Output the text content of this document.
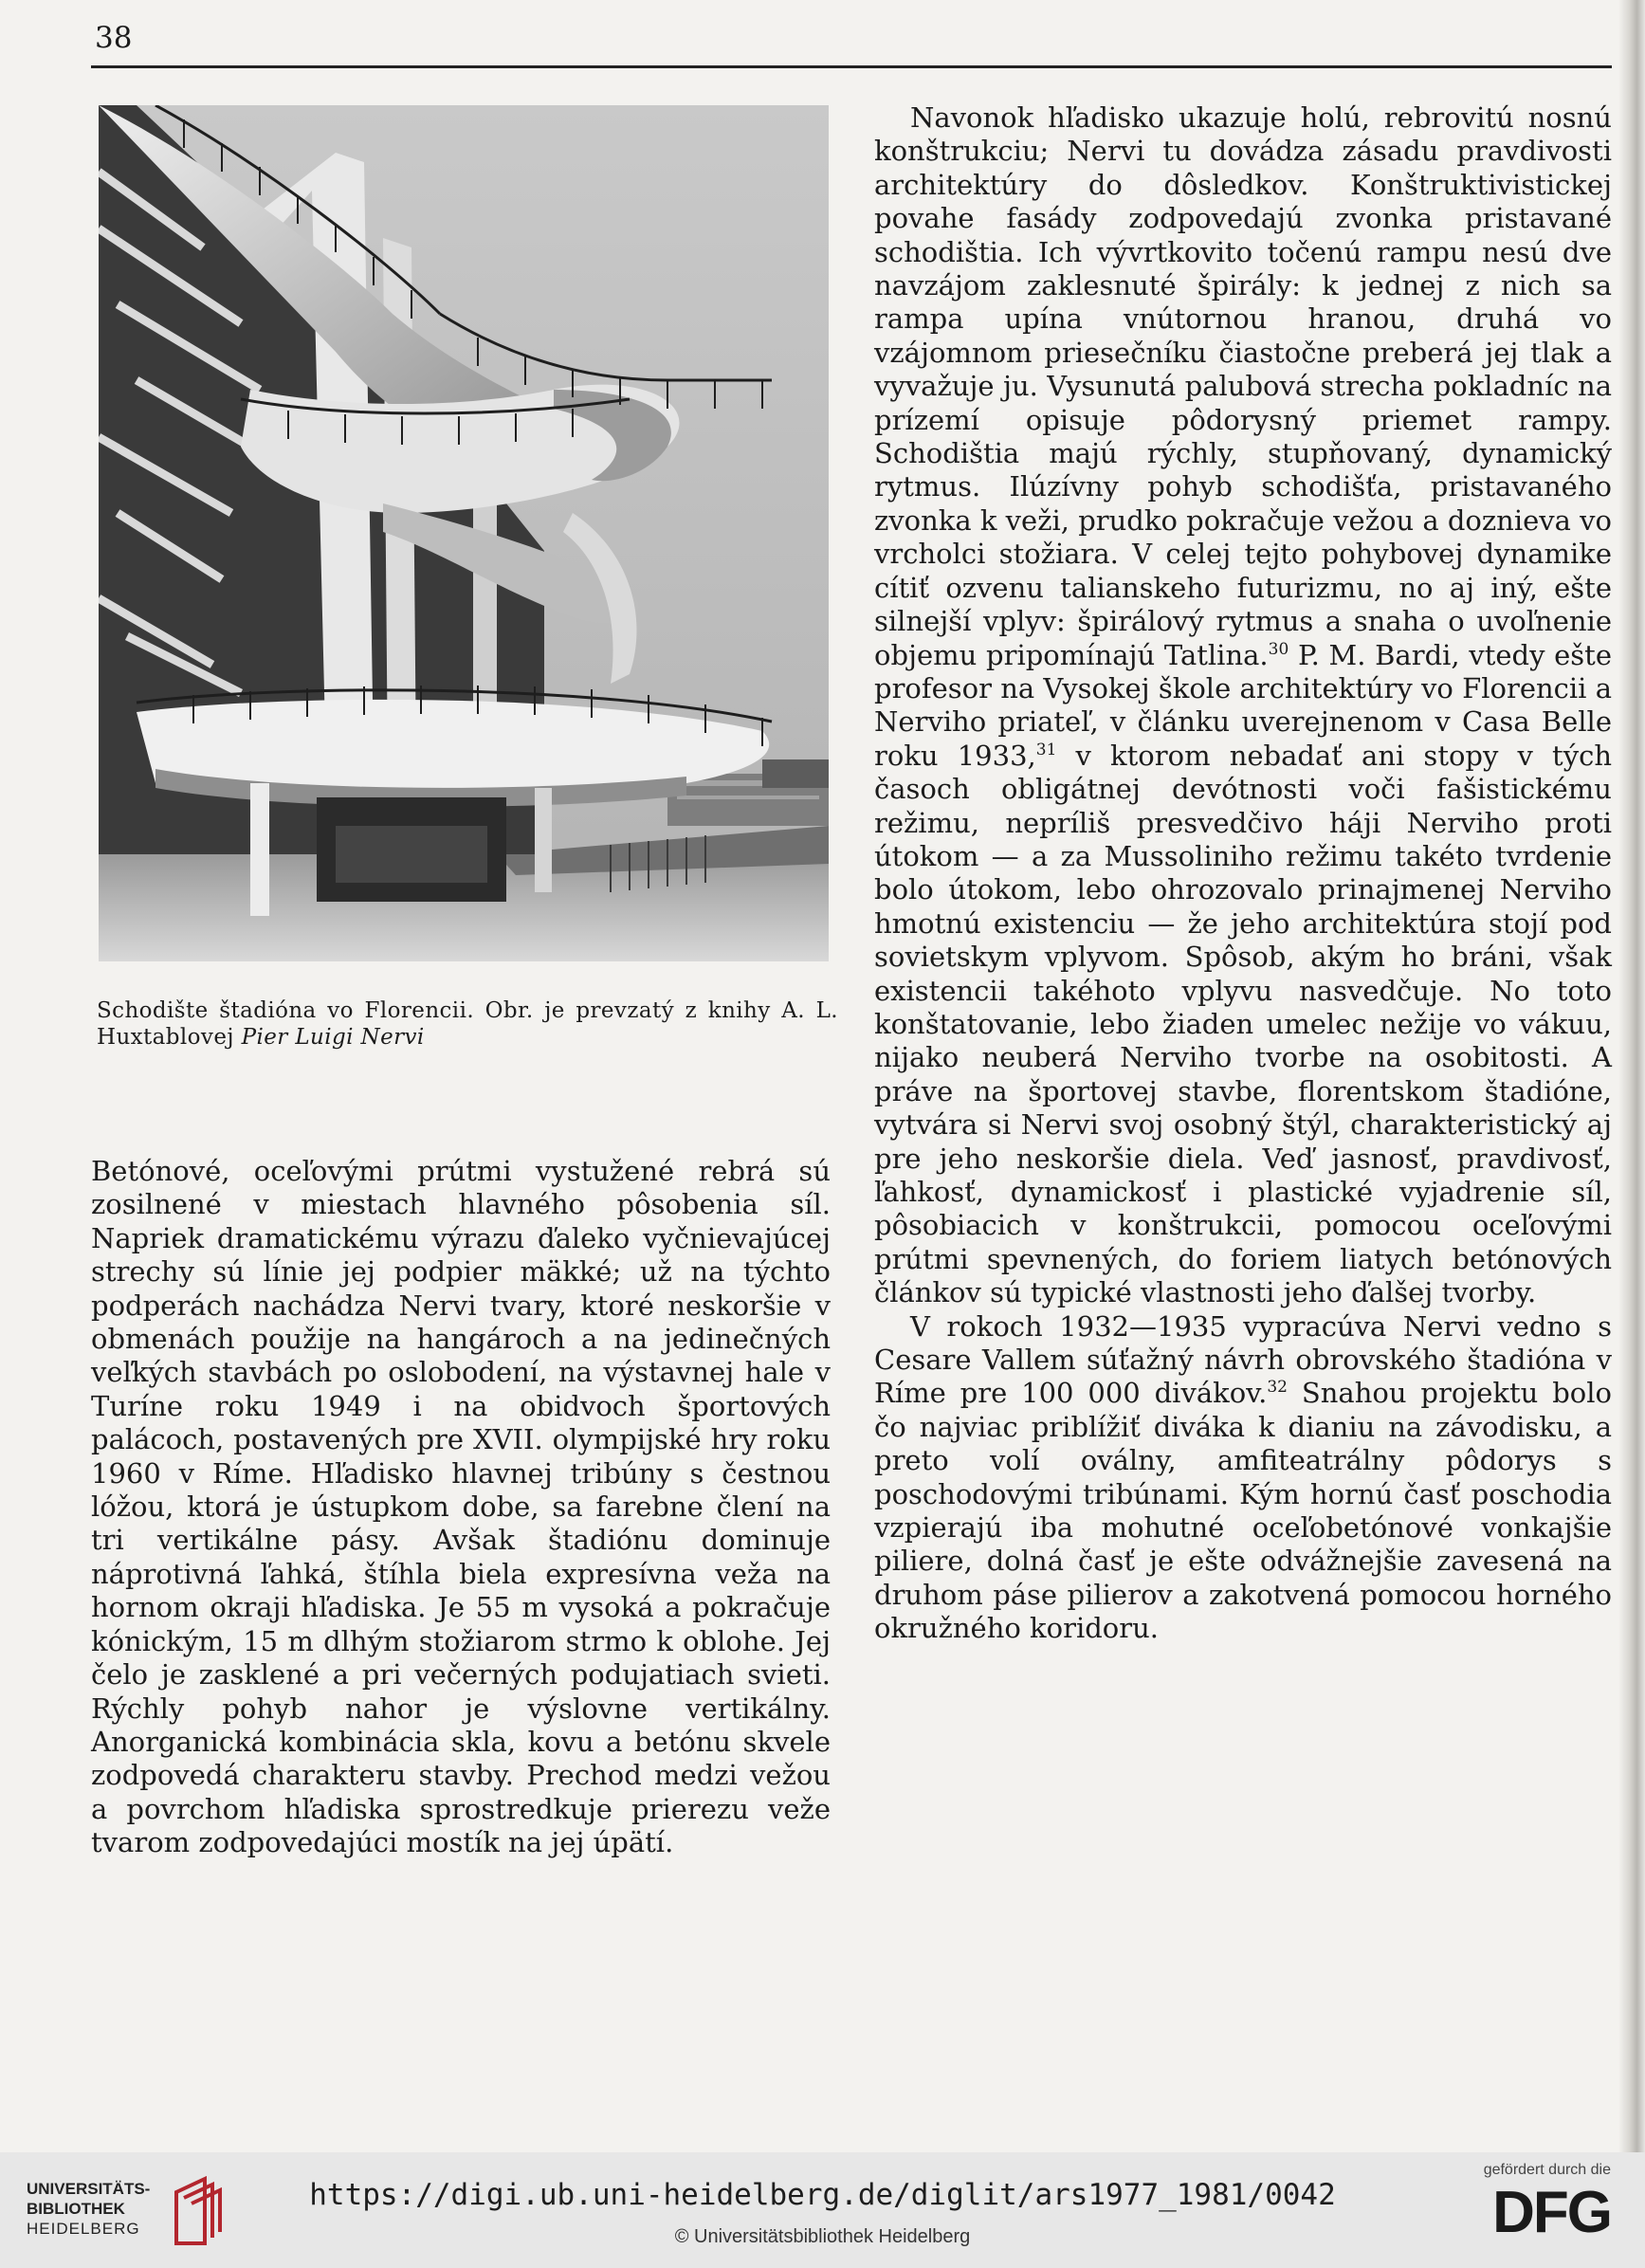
38
Schodište štadióna vo Florencii. Obr. je prevzatý z knihy A. L. Huxtablovej Pier Luigi Nervi

Betónové, oceľovými prútmi vystužené rebrá sú zosilnené v miestach hlavného pôsobenia síl. Napriek dramatickému výrazu ďaleko vyčnievajúcej strechy sú línie jej podpier mäkké; už na týchto podperách nachádza Nervi tvary, ktoré neskoršie v obmenách použije na hangároch a na jedinečných veľkých stavbách po oslobodení, na výstavnej hale v Turíne roku 1949 i na obidvoch športových palácoch, postavených pre XVII. olympijské hry roku 1960 v Ríme. Hľadisko hlavnej tribúny s čestnou lóžou, ktorá je ústupkom dobe, sa farebne člení na tri vertikálne pásy. Avšak štadiónu dominuje náprotivná ľahká, štíhla biela expresívna veža na hornom okraji hľadiska. Je 55 m vysoká a pokračuje kónickým, 15 m dlhým stožiarom strmo k oblohe. Jej čelo je zasklené a pri večerných podujatiach svieti. Rýchly pohyb nahor je výslovne vertikálny. Anorganická kombinácia skla, kovu a betónu skvele zodpovedá charakteru stavby. Prechod medzi vežou a povrchom hľadiska sprostredkuje prierezu veže tvarom zodpovedajúci mostík na jej úpätí.

Navonok hľadisko ukazuje holú, rebrovitú nosnú konštrukciu; Nervi tu dovádza zásadu pravdivosti architektúry do dôsledkov. Konštruktivistickej povahe fasády zodpovedajú zvonka pristavané schodištia. Ich vývrtkovito točenú rampu nesú dve navzájom zaklesnuté špirály: k jednej z nich sa rampa upína vnútornou hranou, druhá vo vzájomnom priesečníku čiastočne preberá jej tlak a vyvažuje ju. Vysunutá palubová strecha pokladníc na prízemí opisuje pôdorysný priemet rampy. Schodištia majú rýchly, stupňovaný, dynamický rytmus. Ilúzívny pohyb schodišťa, pristavaného zvonka k veži, prudko pokračuje vežou a doznieva vo vrcholci stožiara. V celej tejto pohybovej dynamike cítiť ozvenu talianskeho futurizmu, no aj iný, ešte silnejší vplyv: špirálový rytmus a snaha o uvoľnenie objemu pripomínajú Tatlina.$^{30}$ P. M. Bardi, vtedy ešte profesor na Vysokej škole architektúry vo Florencii a Nerviho priateľ, v článku uverejnenom v Casa Belle roku 1933,31 v ktorom nebadať ani stopy v tých časoch obligátnej devótnosti voči fašistickému režimu, nepríliš presvedčivo háji Nerviho proti útokom — a za Mussoliniho režimu takéto tvrdenie bolo útokom, lebo ohrozovalo prinajmenej Nerviho hmotnú existenciu — že jeho architektúra stojí pod sovietskym vplyvom. Spôsob, akým ho bráni, však existencii takéhoto vplyvu nasvedčuje. No toto konštatovanie, lebo žiaden umelec nežije vo vákuu, nijako neuberá Nerviho tvorbe na osobitosti. A práve na športovej stavbe, florentskom štadióne, vytvára si Nervi svoj osobný štýl, charakteristický aj pre jeho neskoršie diela. Veď jasnosť, pravdivosť, ľahkosť, dynamickosť i plastické vyjadrenie síl, pôsobiacich v konštrukcii, pomocou oceľovými prútmi spevnených, do foriem liatych betónových článkov sú typické vlastnosti jeho ďalšej tvorby.

V rokoch 1932—1935 vypracúva Nervi vedno s Cesare Vallem súťažný návrh obrovského štadióna v Ríme pre 100 000 divákov.$^{32}$ Snahou projektu bolo čo najviac priblížiť diváka k dianiu na závodisku, a preto volí oválny, amfiteatrálny pôdorys s poschodovými tribúnami. Kým hornú časť poschodia vzpierajú iba mohutné oceľobetónové vonkajšie piliere, dolná časť je ešte odvážnejšie zavesená na druhom páse pilierov a zakotvená pomocou horného okružného koridoru.

UNIVERSITÄTS-
BIBLIOTHEK
HEIDELBERG
https://digi.ub.uni-heidelberg.de/diglit/ars1977_1981/0042
© Universitätsbibliothek Heidelberg
gefördert durch die
DFG
